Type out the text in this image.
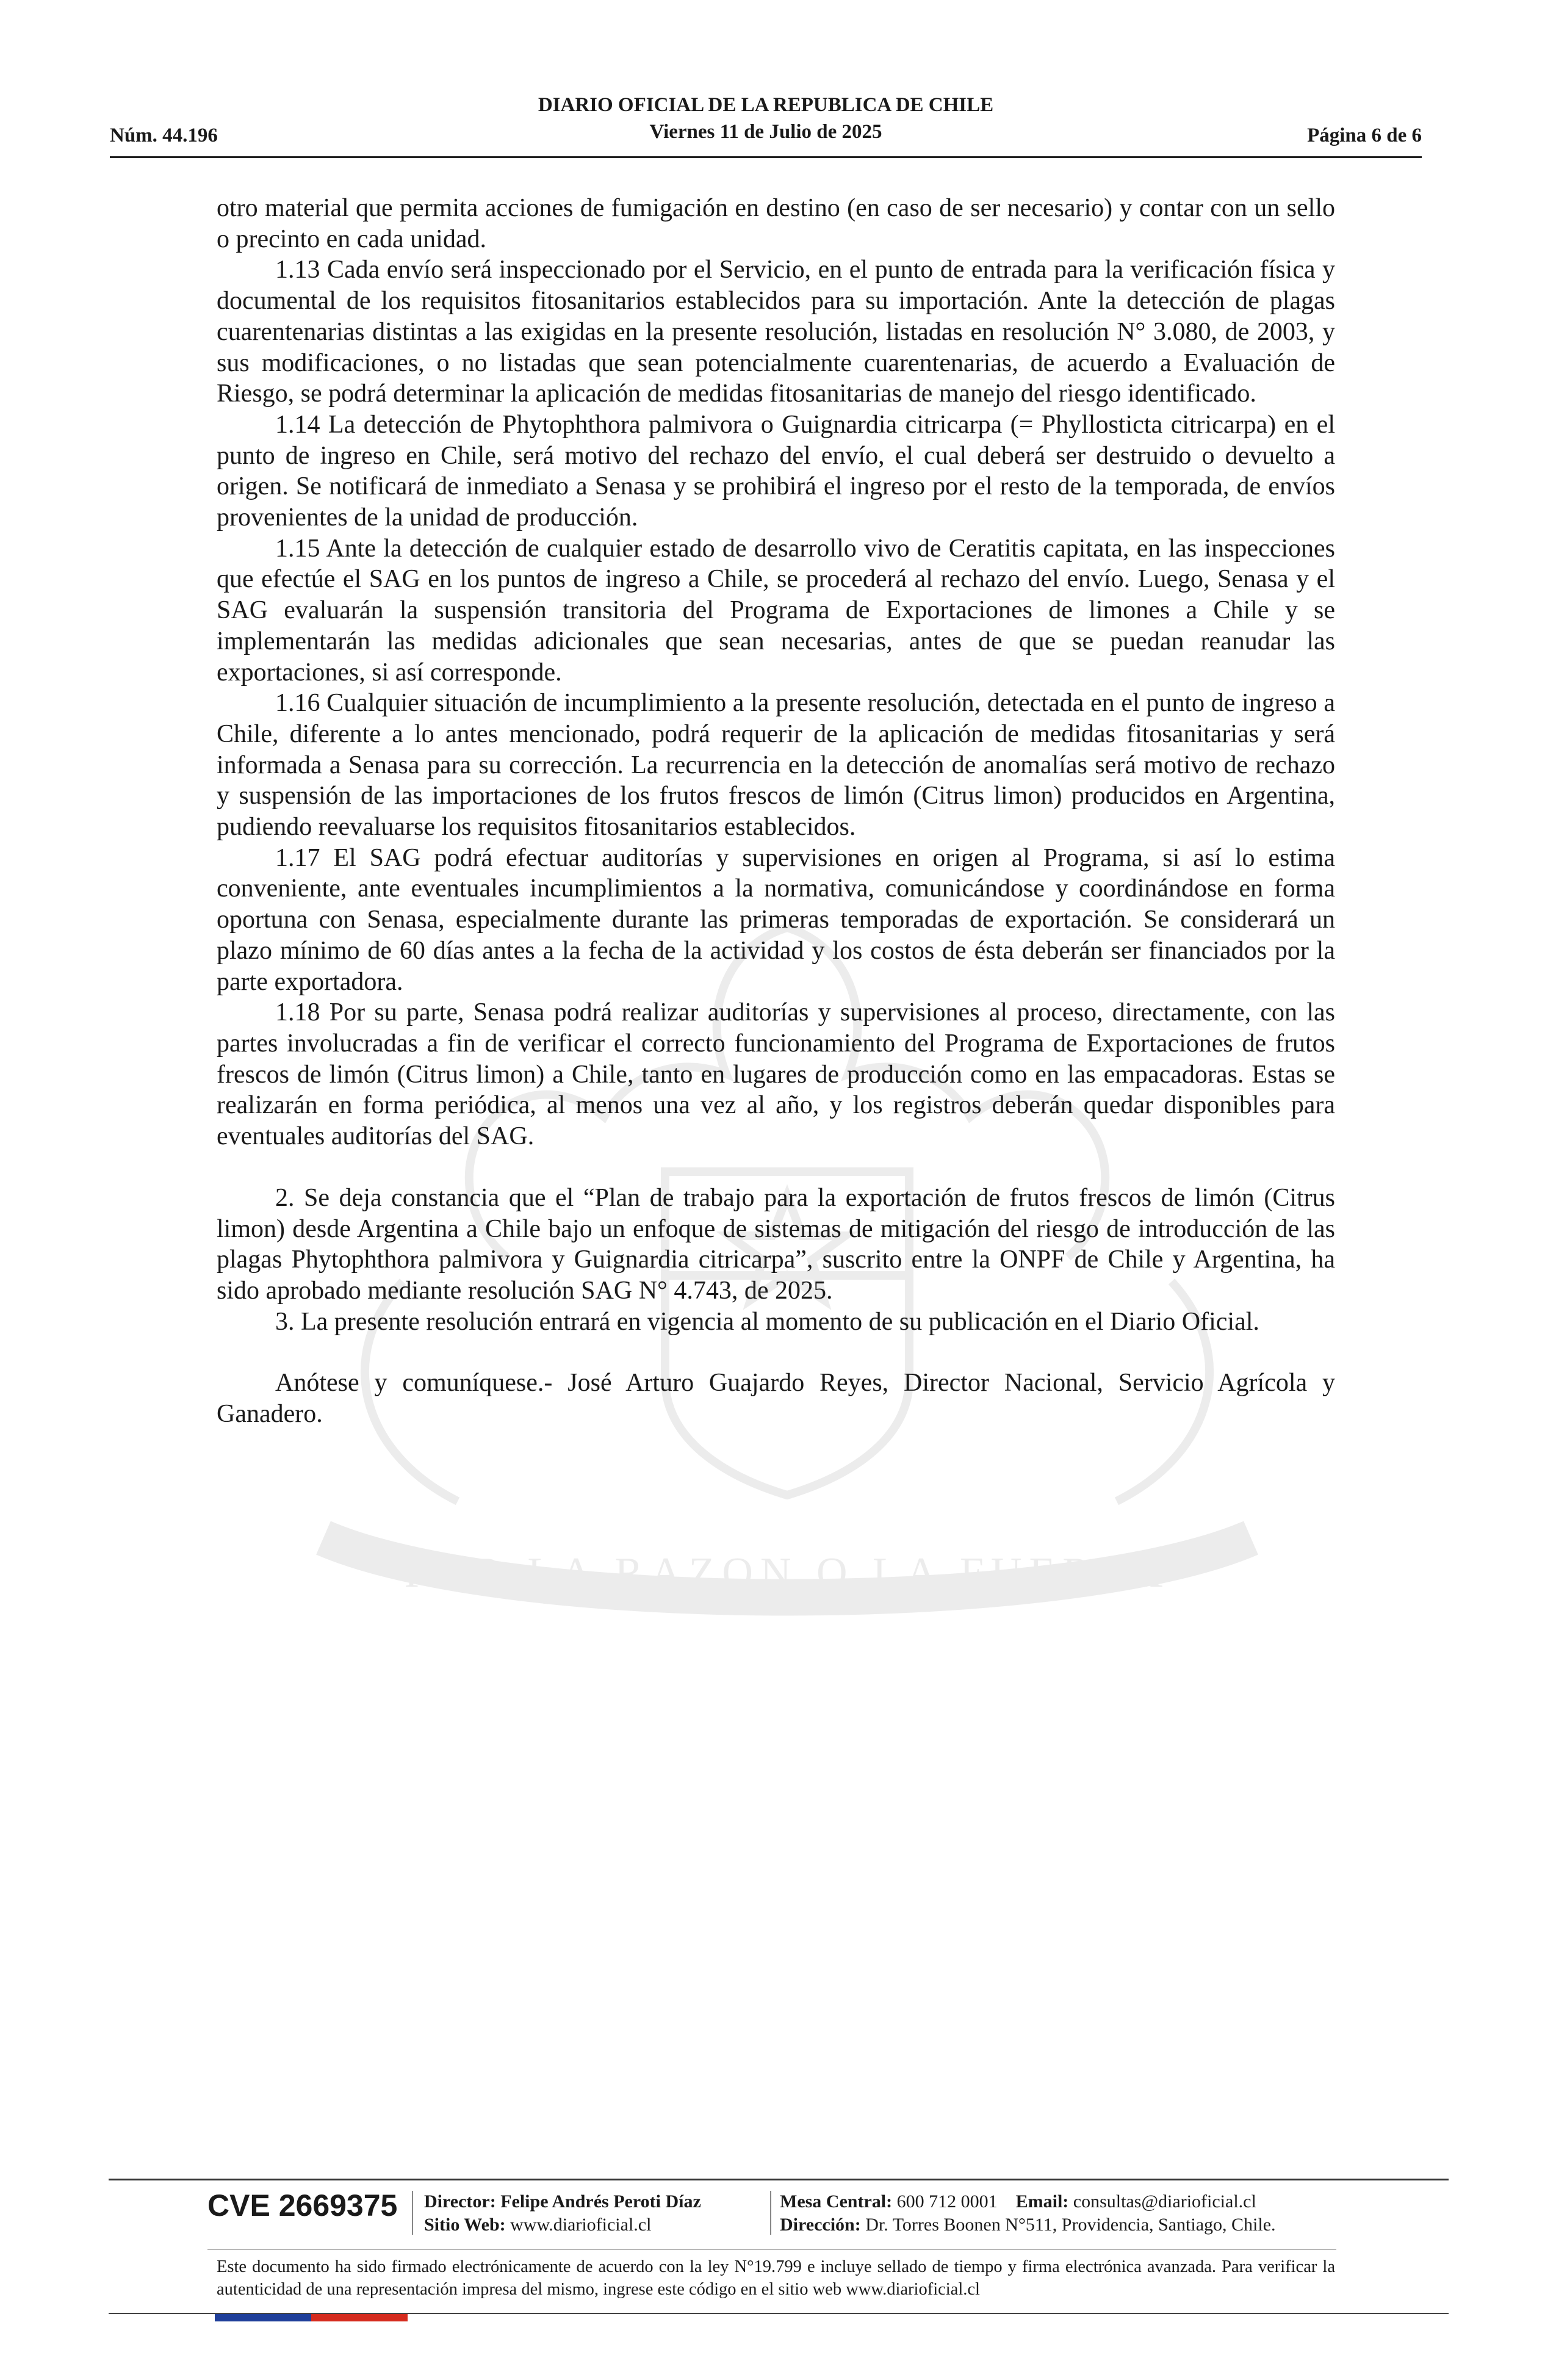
POR LA RAZON O LA FUERZA
Núm. 44.196
DIARIO OFICIAL DE LA REPUBLICA DE CHILE
Viernes 11 de Julio de 2025	Página 6 de 6

otro material que permita acciones de fumigación en destino (en caso de ser necesario) y contar con un sello o precinto en cada unidad.

1.13 Cada envío será inspeccionado por el Servicio, en el punto de entrada para la verificación física y documental de los requisitos fitosanitarios establecidos para su importación. Ante la detección de plagas cuarentenarias distintas a las exigidas en la presente resolución, listadas en resolución N° 3.080, de 2003, y sus modificaciones, o no listadas que sean potencialmente cuarentenarias, de acuerdo a Evaluación de Riesgo, se podrá determinar la aplicación de medidas fitosanitarias de manejo del riesgo identificado.

1.14 La detección de Phytophthora palmivora o Guignardia citricarpa (= Phyllosticta citricarpa) en el punto de ingreso en Chile, será motivo del rechazo del envío, el cual deberá ser destruido o devuelto a origen. Se notificará de inmediato a Senasa y se prohibirá el ingreso por el resto de la temporada, de envíos provenientes de la unidad de producción.

1.15 Ante la detección de cualquier estado de desarrollo vivo de Ceratitis capitata, en las inspecciones que efectúe el SAG en los puntos de ingreso a Chile, se procederá al rechazo del envío. Luego, Senasa y el SAG evaluarán la suspensión transitoria del Programa de Exportaciones de limones a Chile y se implementarán las medidas adicionales que sean necesarias, antes de que se puedan reanudar las exportaciones, si así corresponde.

1.16 Cualquier situación de incumplimiento a la presente resolución, detectada en el punto de ingreso a Chile, diferente a lo antes mencionado, podrá requerir de la aplicación de medidas fitosanitarias y será informada a Senasa para su corrección. La recurrencia en la detección de anomalías será motivo de rechazo y suspensión de las importaciones de los frutos frescos de limón (Citrus limon) producidos en Argentina, pudiendo reevaluarse los requisitos fitosanitarios establecidos.

1.17 El SAG podrá efectuar auditorías y supervisiones en origen al Programa, si así lo estima conveniente, ante eventuales incumplimientos a la normativa, comunicándose y coordinándose en forma oportuna con Senasa, especialmente durante las primeras temporadas de exportación. Se considerará un plazo mínimo de 60 días antes a la fecha de la actividad y los costos de ésta deberán ser financiados por la parte exportadora.

1.18 Por su parte, Senasa podrá realizar auditorías y supervisiones al proceso, directamente, con las partes involucradas a fin de verificar el correcto funcionamiento del Programa de Exportaciones de frutos frescos de limón (Citrus limon) a Chile, tanto en lugares de producción como en las empacadoras. Estas se realizarán en forma periódica, al menos una vez al año, y los registros deberán quedar disponibles para eventuales auditorías del SAG.

2. Se deja constancia que el “Plan de trabajo para la exportación de frutos frescos de limón (Citrus limon) desde Argentina a Chile bajo un enfoque de sistemas de mitigación del riesgo de introducción de las plagas Phytophthora palmivora y Guignardia citricarpa”, suscrito entre la ONPF de Chile y Argentina, ha sido aprobado mediante resolución SAG N° 4.743, de 2025.

3. La presente resolución entrará en vigencia al momento de su publicación en el Diario Oficial.

Anótese y comuníquese.- José Arturo Guajardo Reyes, Director Nacional, Servicio Agrícola y Ganadero.

CVE 2669375 Director: Felipe Andrés Peroti Díaz
Sitio Web: www.diarioficial.cl
Mesa Central: 600 712 0001 Email: consultas@diarioficial.cl
Dirección: Dr. Torres Boonen N°511, Providencia, Santiago, Chile.
Este documento ha sido firmado electrónicamente de acuerdo con la ley N°19.799 e incluye sellado de tiempo y firma electrónica avanzada. Para verificar la autenticidad de una representación impresa del mismo, ingrese este código en el sitio web www.diarioficial.cl
